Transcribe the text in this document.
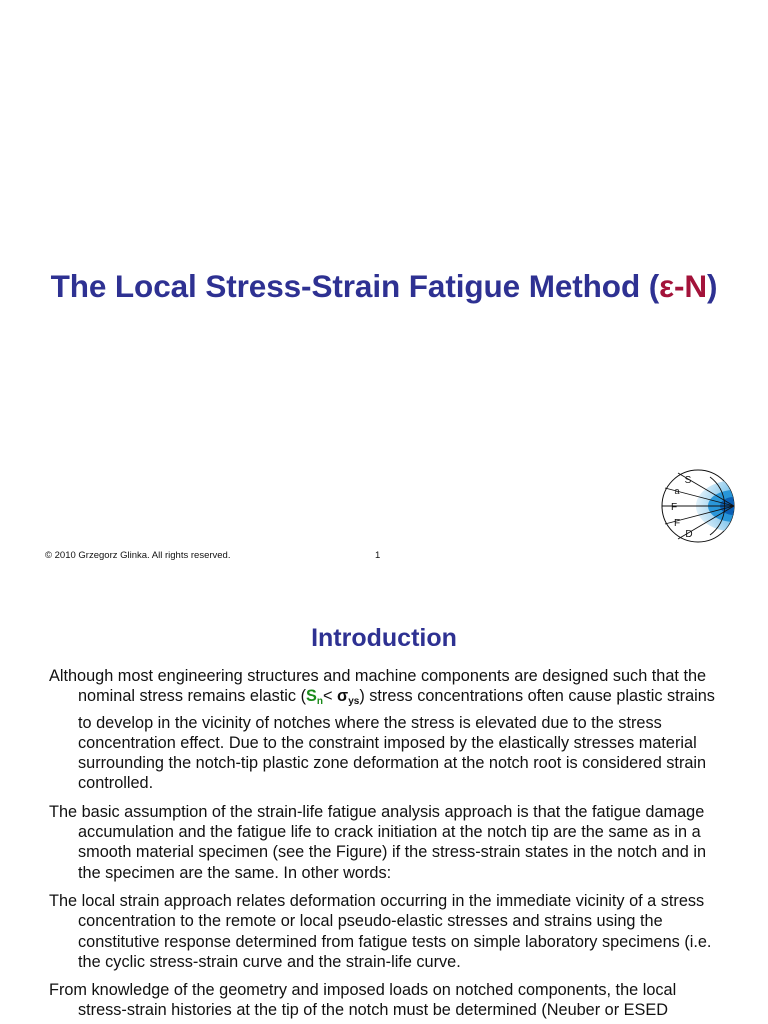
The Local Stress-Strain Fatigue Method (ε-N)
S
a
F
F
D
© 2010 Grzegorz Glinka. All rights reserved.	1
Introduction

Although most engineering structures and machine components are designed such that the nominal stress remains elastic $(S_n< \sigma_{ys})$ stress concentrations often cause plastic strains to develop in the vicinity of notches where the stress is elevated due to the stress concentration effect. Due to the constraint imposed by the elastically stresses material surrounding the notch-tip plastic zone deformation at the notch root is considered strain controlled.

The basic assumption of the strain-life fatigue analysis approach is that the fatigue damage accumulation and the fatigue life to crack initiation at the notch tip are the same as in a smooth material specimen (see the Figure) if the stress-strain states in the notch and in the specimen are the same. In other words:

The local strain approach relates deformation occurring in the immediate vicinity of a stress concentration to the remote or local pseudo-elastic stresses and strains using the constitutive response determined from fatigue tests on simple laboratory specimens (i.e. the cyclic stress-strain curve and the strain-life curve.

From knowledge of the geometry and imposed loads on notched components, the local stress-strain histories at the tip of the notch must be determined (Neuber or ESED
